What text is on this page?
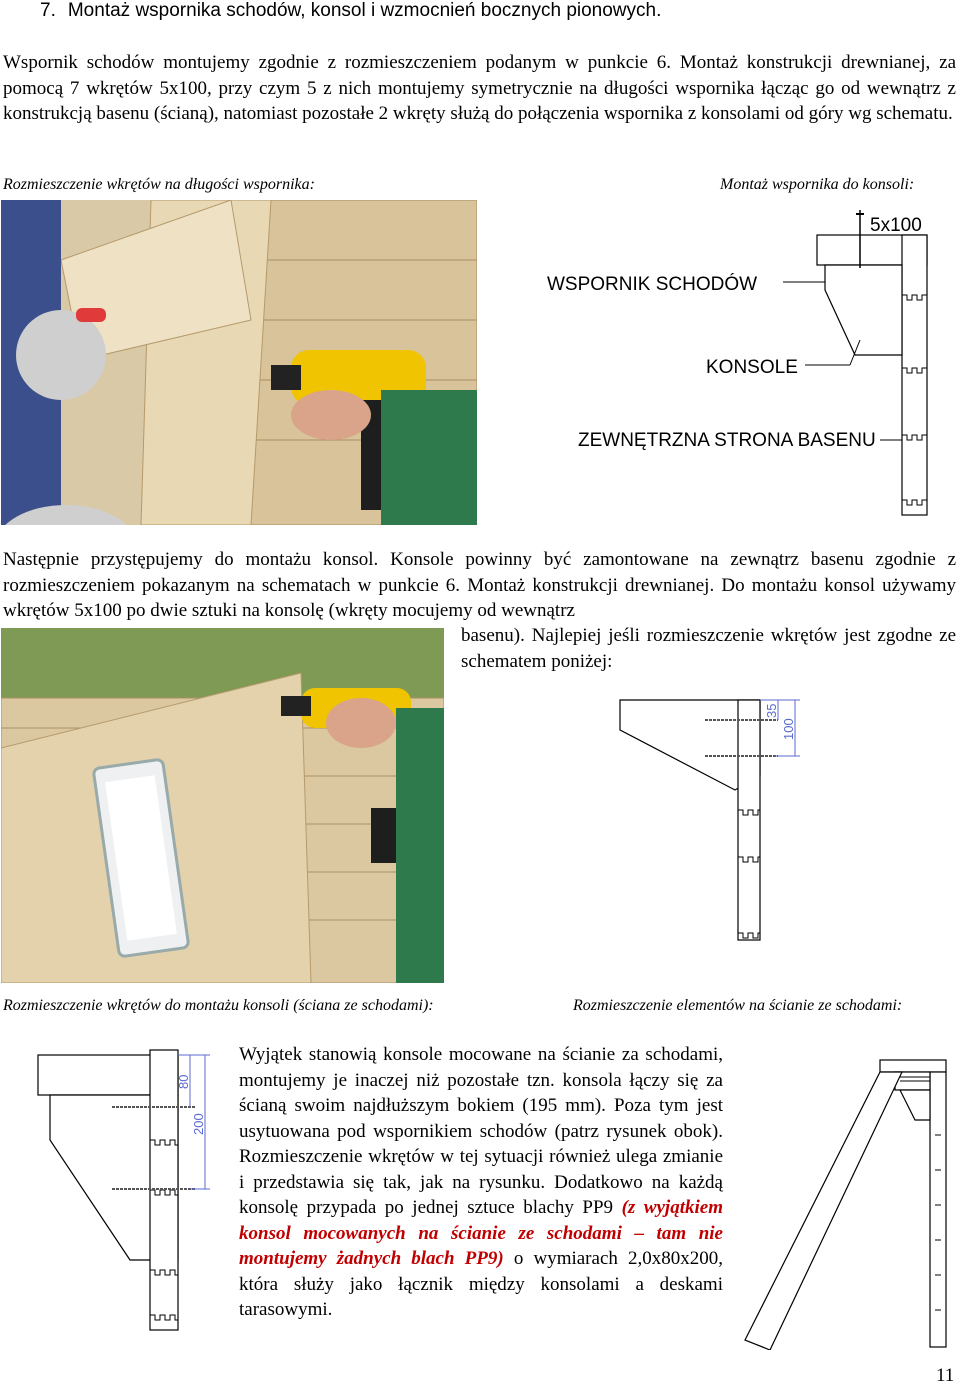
7. Montaż wspornika schodów, konsol i wzmocnień bocznych pionowych.
Wspornik schodów montujemy zgodnie z rozmieszczeniem podanym w punkcie 6. Montaż konstrukcji drewnianej, za pomocą 7 wkrętów 5x100, przy czym 5 z nich montujemy symetrycznie na długości wspornika łącząc go od wewnątrz z konstrukcją basenu (ścianą), natomiast pozostałe 2 wkręty służą do połączenia wspornika z konsolami od góry wg schematu.
Rozmieszczenie wkrętów na długości wspornika:	Montaż wspornika do konsoli:
5x100
WSPORNIK SCHODÓW
KONSOLE
ZEWNĘTRZNA STRONA BASENU
Następnie przystępujemy do montażu konsol. Konsole powinny być zamontowane na zewnątrz basenu zgodnie z rozmieszczeniem pokazanym na schematach w punkcie 6. Montaż konstrukcji drewnianej. Do montażu konsol używamy wkrętów 5x100 po dwie sztuki na konsolę (wkręty mocujemy od wewnątrz
basenu). Najlepiej jeśli rozmieszczenie wkrętów jest zgodne ze schematem poniżej:
35
100
Rozmieszczenie wkrętów do montażu konsoli (ściana ze schodami):	Rozmieszczenie elementów na ścianie ze schodami:
80
200
Wyjątek stanowią konsole mocowane na ścianie za schodami, montujemy je inaczej niż pozostałe tzn. konsola łączy się za ścianą swoim najdłuższym bokiem (195 mm). Poza tym jest usytuowana pod wspornikiem schodów (patrz rysunek obok). Rozmieszczenie wkrętów w tej sytuacji również ulega zmianie i przedstawia się tak, jak na rysunku. Dodatkowo na każdą konsolę przypada po jednej sztuce blachy PP9 (z wyjątkiem konsol mocowanych na ścianie ze schodami – tam nie montujemy żadnych blach PP9) o wymiarach 2,0x80x200, która służy jako łącznik między konsolami a deskami tarasowymi.
11
